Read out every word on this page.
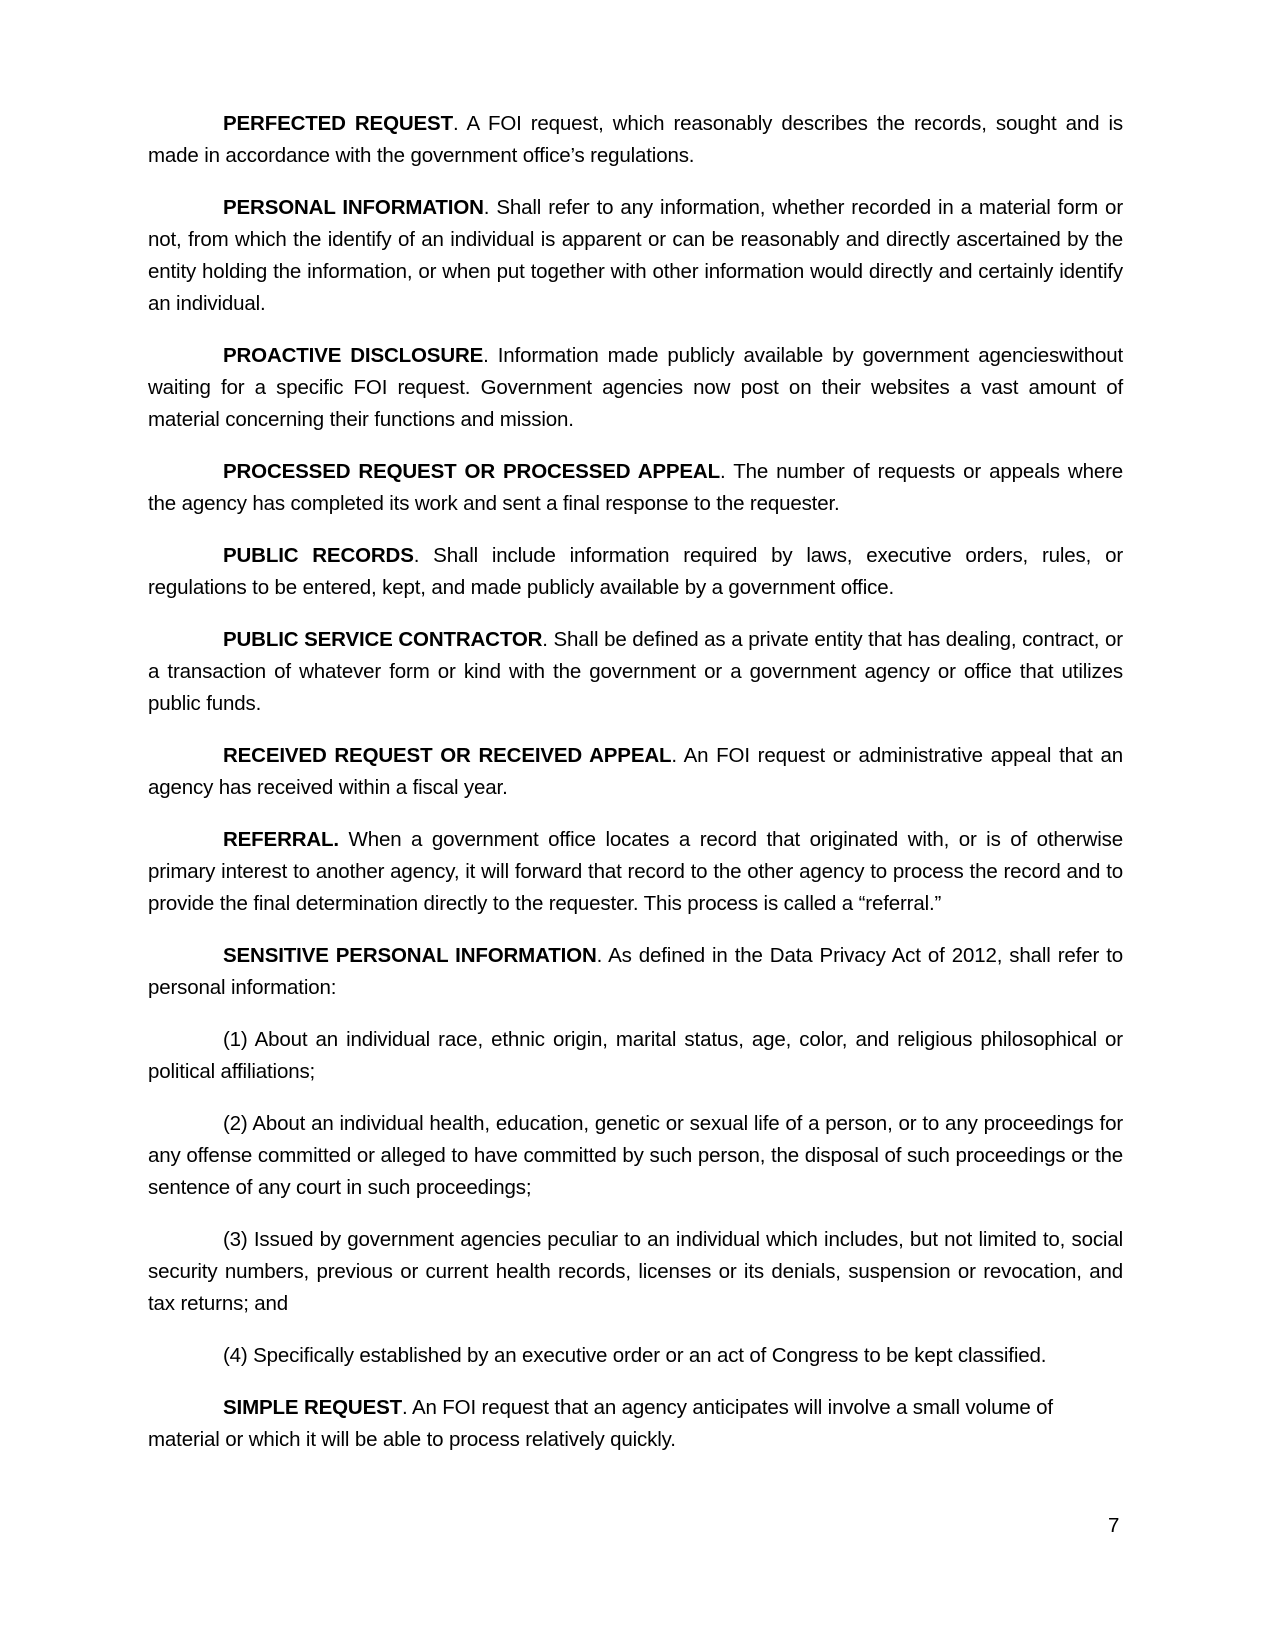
PERFECTED REQUEST. A FOI request, which reasonably describes the records, sought and is made in accordance with the government office’s regulations.

PERSONAL INFORMATION. Shall refer to any information, whether recorded in a material form or not, from which the identify of an individual is apparent or can be reasonably and directly ascertained by the entity holding the information, or when put together with other information would directly and certainly identify an individual.

PROACTIVE DISCLOSURE. Information made publicly available by government agencieswithout waiting for a specific FOI request. Government agencies now post on their websites a vast amount of material concerning their functions and mission.

PROCESSED REQUEST OR PROCESSED APPEAL. The number of requests or appeals where the agency has completed its work and sent a final response to the requester.

PUBLIC RECORDS. Shall include information required by laws, executive orders, rules, or regulations to be entered, kept, and made publicly available by a government office.

PUBLIC SERVICE CONTRACTOR. Shall be defined as a private entity that has dealing, contract, or a transaction of whatever form or kind with the government or a government agency or office that utilizes public funds.

RECEIVED REQUEST OR RECEIVED APPEAL. An FOI request or administrative appeal that an agency has received within a fiscal year.

REFERRAL. When a government office locates a record that originated with, or is of otherwise primary interest to another agency, it will forward that record to the other agency to process the record and to provide the final determination directly to the requester. This process is called a “referral.”

SENSITIVE PERSONAL INFORMATION. As defined in the Data Privacy Act of 2012, shall refer to personal information:

(1) About an individual race, ethnic origin, marital status, age, color, and religious philosophical or political affiliations;

(2) About an individual health, education, genetic or sexual life of a person, or to any proceedings for any offense committed or alleged to have committed by such person, the disposal of such proceedings or the sentence of any court in such proceedings;

(3) Issued by government agencies peculiar to an individual which includes, but not limited to, social security numbers, previous or current health records, licenses or its denials, suspension or revocation, and tax returns; and

(4) Specifically established by an executive order or an act of Congress to be kept classified.

SIMPLE REQUEST. An FOI request that an agency anticipates will involve a small volume of material or which it will be able to process relatively quickly.

7
